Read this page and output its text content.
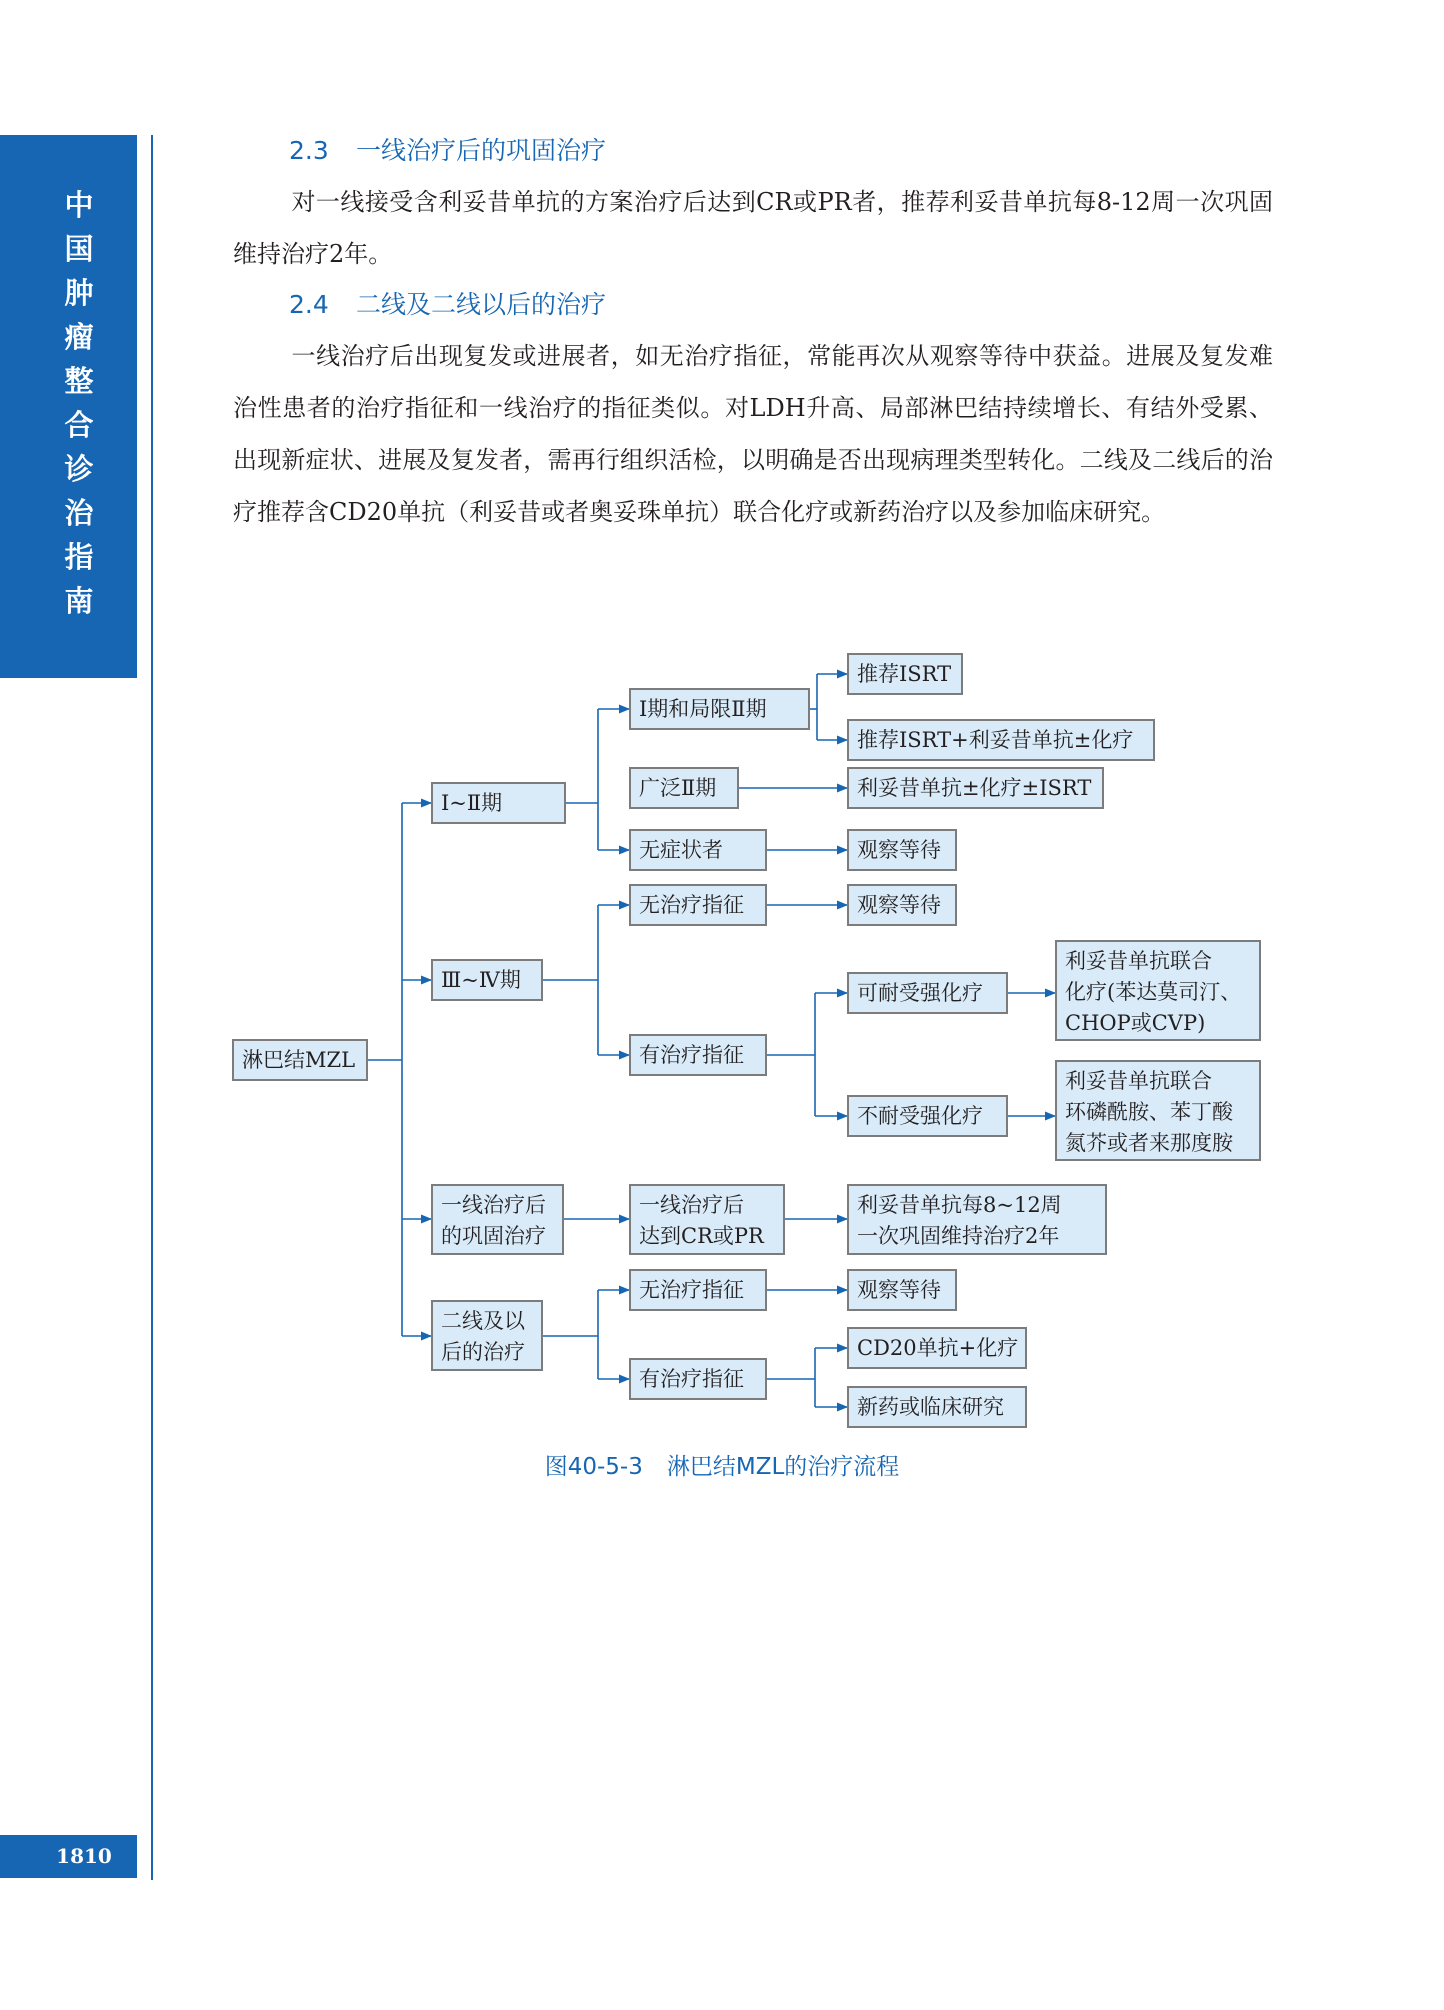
中
国
肿
瘤
整
合
诊
治
指
南
1810
2.3 一线治疗后的巩固治疗
对一线接受含利妥昔单抗的方案治疗后达到CR或PR者，推荐利妥昔单抗每8-12周一次巩固维持治疗2年。
2.4 二线及二线以后的治疗
一线治疗后出现复发或进展者，如无治疗指征，常能再次从观察等待中获益。进展及复发难治性患者的治疗指征和一线治疗的指征类似。对LDH升高、局部淋巴结持续增长、有结外受累、出现新症状、进展及复发者，需再行组织活检，以明确是否出现病理类型转化。二线及二线后的治疗推荐含CD20单抗（利妥昔或者奥妥珠单抗）联合化疗或新药治疗以及参加临床研究。
淋巴结MZL
Ⅰ~Ⅱ期
Ⅰ期和局限Ⅱ期
推荐ISRT
推荐ISRT+利妥昔单抗±化疗
广泛Ⅱ期	利妥昔单抗±化疗±ISRT
无症状者	观察等待
Ⅲ~Ⅳ期
无治疗指征	观察等待
有治疗指征
可耐受强化疗
利妥昔单抗联合
化疗(苯达莫司汀、
CHOP或CVP)
不耐受强化疗
利妥昔单抗联合
环磷酰胺、苯丁酸
氮芥或者来那度胺
一线治疗后
的巩固治疗
一线治疗后
达到CR或PR
利妥昔单抗每8~12周
一次巩固维持治疗2年
二线及以
后的治疗
无治疗指征	观察等待
有治疗指征
CD20单抗+化疗
新药或临床研究
图40-5-3 淋巴结MZL的治疗流程
